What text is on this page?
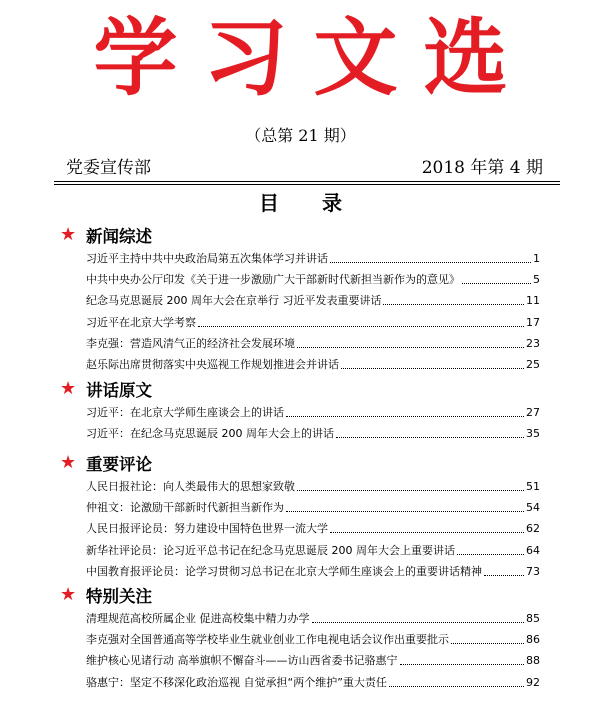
学习文选
（总第 21 期）
党委宣传部	2018 年第 4 期
目 录
★ 新闻综述
习近平主持中共中央政治局第五次集体学习并讲话	1
中共中央办公厅印发《关于进一步激励广大干部新时代新担当新作为的意见》	5
纪念马克思诞辰 200 周年大会在京举行 习近平发表重要讲话	11
习近平在北京大学考察	17
李克强：营造风清气正的经济社会发展环境	23
赵乐际出席贯彻落实中央巡视工作规划推进会并讲话	25
★ 讲话原文
习近平：在北京大学师生座谈会上的讲话	27
习近平：在纪念马克思诞辰 200 周年大会上的讲话	35
★ 重要评论
人民日报社论：向人类最伟大的思想家致敬	51
仲祖文：论激励干部新时代新担当新作为	54
人民日报评论员：努力建设中国特色世界一流大学	62
新华社评论员：论习近平总书记在纪念马克思诞辰 200 周年大会上重要讲话	64
中国教育报评论员：论学习贯彻习总书记在北京大学师生座谈会上的重要讲话精神	73
★ 特别关注
清理规范高校所属企业 促进高校集中精力办学	85
李克强对全国普通高等学校毕业生就业创业工作电视电话会议作出重要批示	86
维护核心见诸行动 高举旗帜不懈奋斗——访山西省委书记骆惠宁	88
骆惠宁：坚定不移深化政治巡视 自觉承担“两个维护”重大责任	92
